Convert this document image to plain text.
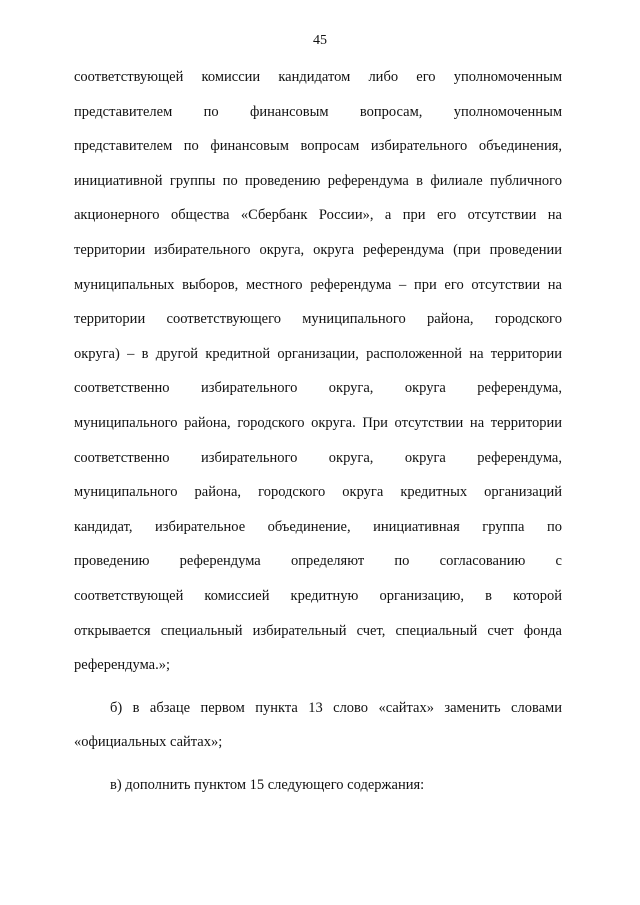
45
соответствующей комиссии кандидатом либо его уполномоченным
представителем по финансовым вопросам, уполномоченным
представителем по финансовым вопросам избирательного объединения,
инициативной группы по проведению референдума в филиале публичного
акционерного общества «Сбербанк России», а при его отсутствии на
территории избирательного округа, округа референдума (при проведении
муниципальных выборов, местного референдума – при его отсутствии на
территории соответствующего муниципального района, городского
округа) – в другой кредитной организации, расположенной на территории
соответственно избирательного округа, округа референдума,
муниципального района, городского округа. При отсутствии на территории
соответственно избирательного округа, округа референдума,
муниципального района, городского округа кредитных организаций
кандидат, избирательное объединение, инициативная группа по
проведению референдума определяют по согласованию с
соответствующей комиссией кредитную организацию, в которой
открывается специальный избирательный счет, специальный счет фонда
референдума.»;
б) в абзаце первом пункта 13 слово «сайтах» заменить словами
«официальных сайтах»;
в) дополнить пунктом 15 следующего содержания:
